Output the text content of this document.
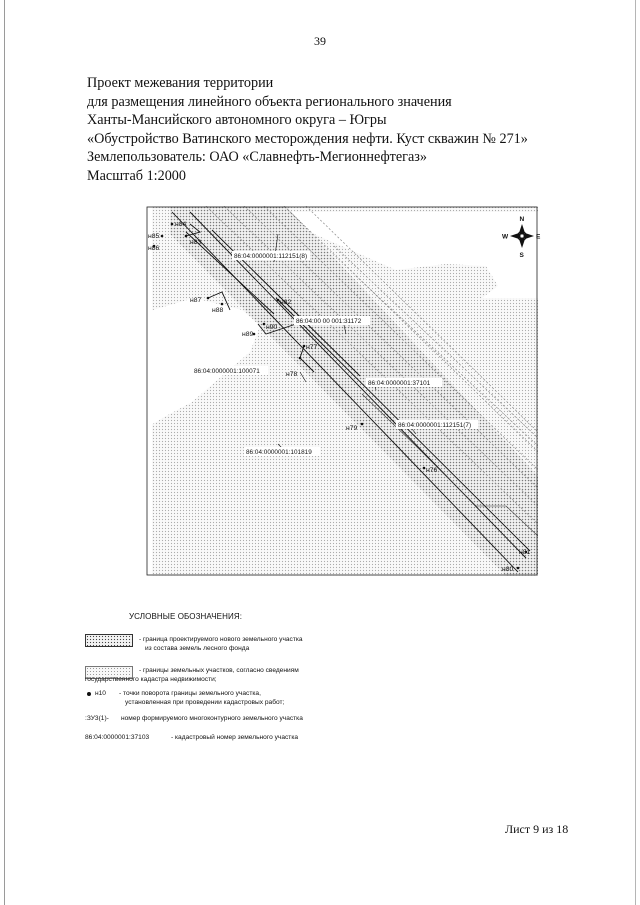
39
Проект межевания территории
для размещения линейного объекта регионального значения
Ханты-Мансийского автономного округа – Югры
«Обустройство Ватинского месторождения нефти. Куст скважин № 271»
Землепользователь: ОАО «Славнефть-Мегионнефтегаз»
Масштаб 1:2000
86:04:0000001:112151(8)
86:04:00 00 001:31172
86:04:0000001:100071
86:04:0000001:37101
86:04:0000001:112151(7)
86:04:0000001:101819
н84
н85
н86
н83
н87
н88
н82
н89
н90
н77
н78
н79
н76
н81
н80
N
S
W	E
УСЛОВНЫЕ ОБОЗНАЧЕНИЯ:
- граница проектируемого нового земельного участка
из состава земель лесного фонда
- границы земельных участков, согласно сведениям
государственного кадастра недвижимости;
н10 - точки поворота границы земельного участка,
установленная при проведении кадастровых работ;
:ЗУ3(1)- номер формируемого многоконтурного земельного участка
86:04:0000001:37103	- кадастровый номер земельного участка
Лист 9 из 18
